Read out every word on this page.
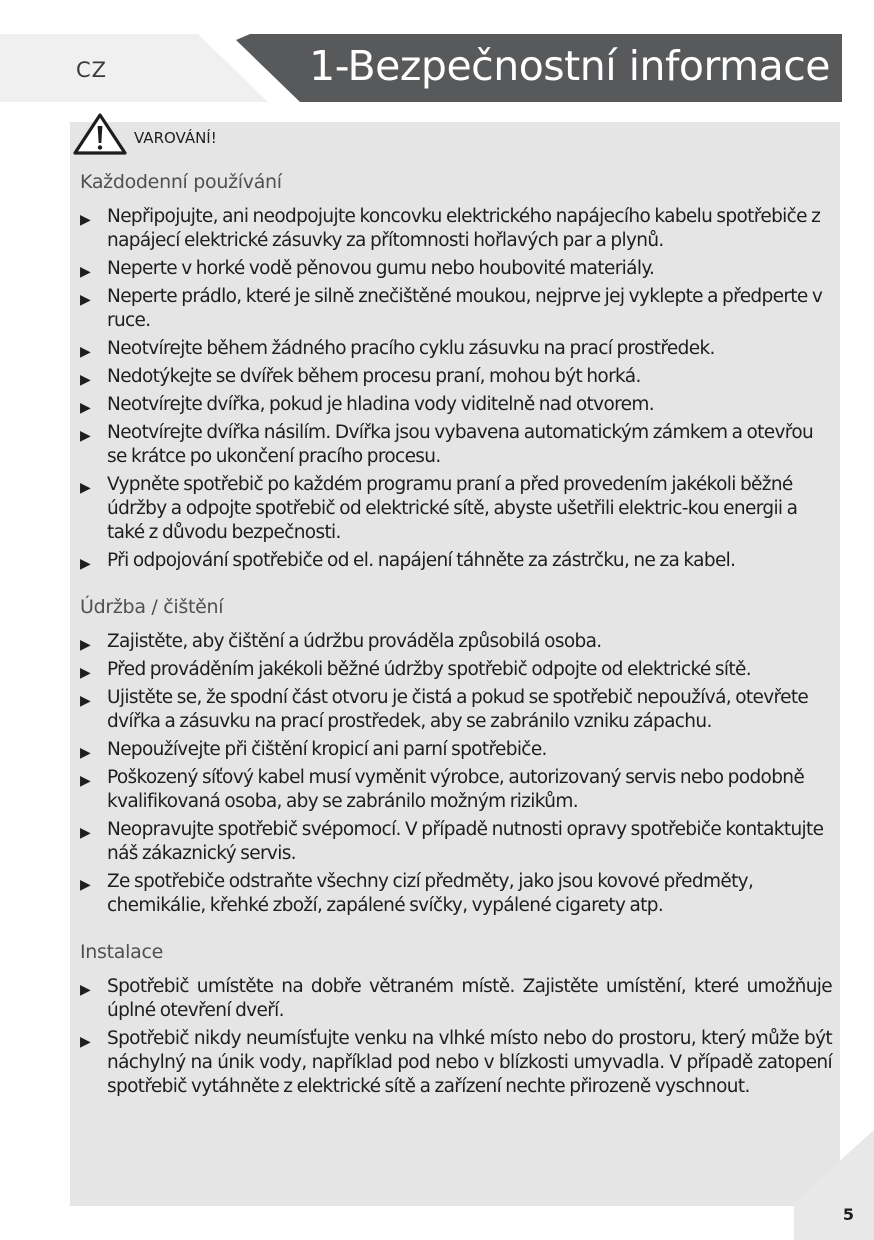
CZ	1-Bezpečnostní informace
VAROVÁNÍ!
Každodenní používání
▶ Nepřipojujte, ani neodpojujte koncovku elektrického napájecího kabelu spotřebiče z napájecí elektrické zásuvky za přítomnosti hořlavých par a plynů.
▶ Neperte v horké vodě pěnovou gumu nebo houbovité materiály.
▶ Neperte prádlo, které je silně znečištěné moukou, nejprve jej vyklepte a předperte v ruce.
▶ Neotvírejte během žádného pracího cyklu zásuvku na prací prostředek.
▶ Nedotýkejte se dvířek během procesu praní, mohou být horká.
▶ Neotvírejte dvířka, pokud je hladina vody viditelně nad otvorem.
▶ Neotvírejte dvířka násilím. Dvířka jsou vybavena automatickým zámkem a otevřou se krátce po ukončení pracího procesu.
▶ Vypněte spotřebič po každém programu praní a před provedením jakékoli běžné údržby a odpojte spotřebič od elektrické sítě, abyste ušetřili elektric-kou energii a také z důvodu bezpečnosti.
▶ Při odpojování spotřebiče od el. napájení táhněte za zástrčku, ne za kabel.
Údržba / čištění
▶ Zajistěte, aby čištění a údržbu prováděla způsobilá osoba.
▶ Před prováděním jakékoli běžné údržby spotřebič odpojte od elektrické sítě.
▶ Ujistěte se, že spodní část otvoru je čistá a pokud se spotřebič nepoužívá, otevřete dvířka a zásuvku na prací prostředek, aby se zabránilo vzniku zápachu.
▶ Nepoužívejte při čištění kropicí ani parní spotřebiče.
▶ Poškozený síťový kabel musí vyměnit výrobce, autorizovaný servis nebo podobně kvalifikovaná osoba, aby se zabránilo možným rizikům.
▶ Neopravujte spotřebič svépomocí. V případě nutnosti opravy spotřebiče kontaktujte náš zákaznický servis.
▶ Ze spotřebiče odstraňte všechny cizí předměty, jako jsou kovové předměty, chemikálie, křehké zboží, zapálené svíčky, vypálené cigarety atp.
Instalace
▶ Spotřebič umístěte na dobře větraném místě. Zajistěte umístění, které umožňuje úplné otevření dveří.
▶ Spotřebič nikdy neumísťujte venku na vlhké místo nebo do prostoru, který může být náchylný na únik vody, například pod nebo v blízkosti umyvadla. V případě zatopení spotřebič vytáhněte z elektrické sítě a zařízení nechte přirozeně vyschnout.
5
